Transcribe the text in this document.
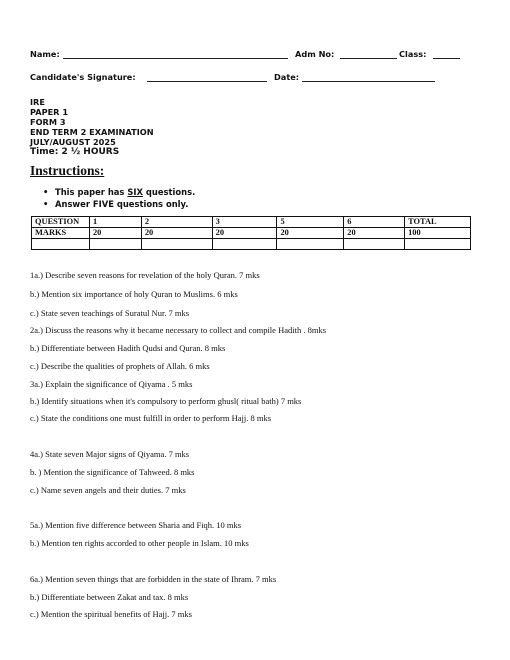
Name:	Adm No:	Class:
Candidate's Signature:	Date:
IRE
PAPER 1
FORM 3
END TERM 2 EXAMINATION
JULY/AUGUST 2025
Time: 2 ½ HOURS
Instructions:
• This paper has SIX questions.
• Answer FIVE questions only.
QUESTION	1	2	3	5	6	TOTAL
MARKS	20	20	20	20	20	100

1a.) Describe seven reasons for revelation of the holy Quran. 7 mks
b.) Mention six importance of holy Quran to Muslims. 6 mks
c.) State seven teachings of Suratul Nur. 7 mks
2a.) Discuss the reasons why it became necessary to collect and compile Hadith . 8mks
b.) Differentiate between Hadith Qudsi and Quran. 8 mks
c.) Describe the qualities of prophets of Allah. 6 mks
3a.) Explain the significance of Qiyama . 5 mks
b.) Identify situations when it's compulsory to perform ghusl( ritual bath) 7 mks
c.) State the conditions one must fulfill in order to perform Hajj. 8 mks
4a.) State seven Major signs of Qiyama. 7 mks
b. ) Mention the significance of Tahweed. 8 mks
c.) Name seven angels and their duties. 7 mks
5a.) Mention five difference between Sharia and Fiqh. 10 mks
b.) Mention ten rights accorded to other people in Islam. 10 mks
6a.) Mention seven things that are forbidden in the state of Ihram. 7 mks
b.) Differentiate between Zakat and tax. 8 mks
c.) Mention the spiritual benefits of Hajj. 7 mks
